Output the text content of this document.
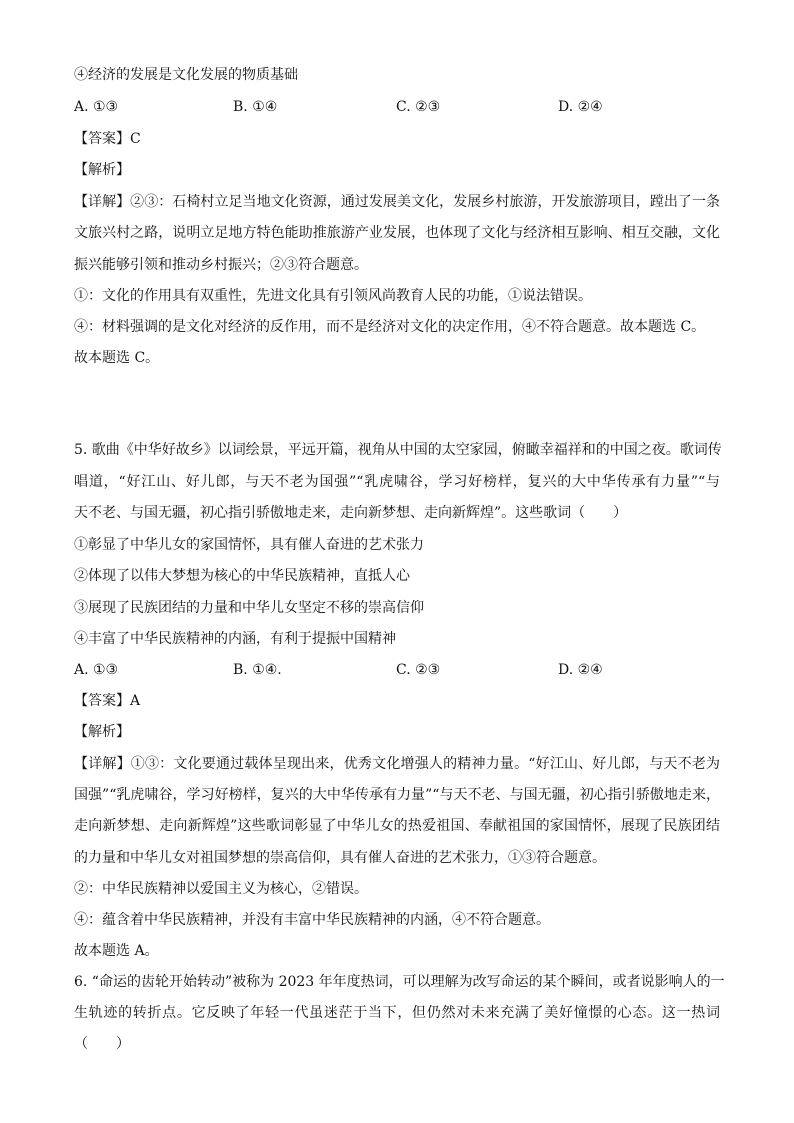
④经济的发展是文化发展的物质基础
A. ①③	B. ①④	C. ②③	D. ②④
【答案】C
【解析】
【详解】②③：石椅村立足当地文化资源，通过发展美文化，发展乡村旅游，开发旅游项目，蹚出了一条
文旅兴村之路，说明立足地方特色能助推旅游产业发展，也体现了文化与经济相互影响、相互交融，文化
振兴能够引领和推动乡村振兴；②③符合题意。
①：文化的作用具有双重性，先进文化具有引领风尚教育人民的功能，①说法错误。
④：材料强调的是文化对经济的反作用，而不是经济对文化的决定作用，④不符合题意。故本题选 C。
故本题选 C。
5. 歌曲《中华好故乡》以词绘景，平远开篇，视角从中国的太空家园，俯瞰幸福祥和的中国之夜。歌词传
唱道，“好江山、好儿郎，与天不老为国强”“乳虎啸谷，学习好榜样，复兴的大中华传承有力量”“与
天不老、与国无疆，初心指引骄傲地走来，走向新梦想、走向新辉煌”。这些歌词（　　）
①彰显了中华儿女的家国情怀，具有催人奋进的艺术张力
②体现了以伟大梦想为核心的中华民族精神，直抵人心
③展现了民族团结的力量和中华儿女坚定不移的崇高信仰
④丰富了中华民族精神的内涵，有利于提振中国精神
A. ①③	B. ①④.	C. ②③	D. ②④
【答案】A
【解析】
【详解】①③：文化要通过载体呈现出来，优秀文化增强人的精神力量。“好江山、好儿郎，与天不老为
国强”“乳虎啸谷，学习好榜样，复兴的大中华传承有力量”“与天不老、与国无疆，初心指引骄傲地走来，
走向新梦想、走向新辉煌”这些歌词彰显了中华儿女的热爱祖国、奉献祖国的家国情怀，展现了民族团结
的力量和中华儿女对祖国梦想的崇高信仰，具有催人奋进的艺术张力，①③符合题意。
②：中华民族精神以爱国主义为核心，②错误。
④：蕴含着中华民族精神，并没有丰富中华民族精神的内涵，④不符合题意。
故本题选 A。
6. “命运的齿轮开始转动”被称为 2023 年年度热词，可以理解为改写命运的某个瞬间，或者说影响人的一
生轨迹的转折点。它反映了年轻一代虽迷茫于当下，但仍然对未来充满了美好憧憬的心态。这一热词
（　　）
